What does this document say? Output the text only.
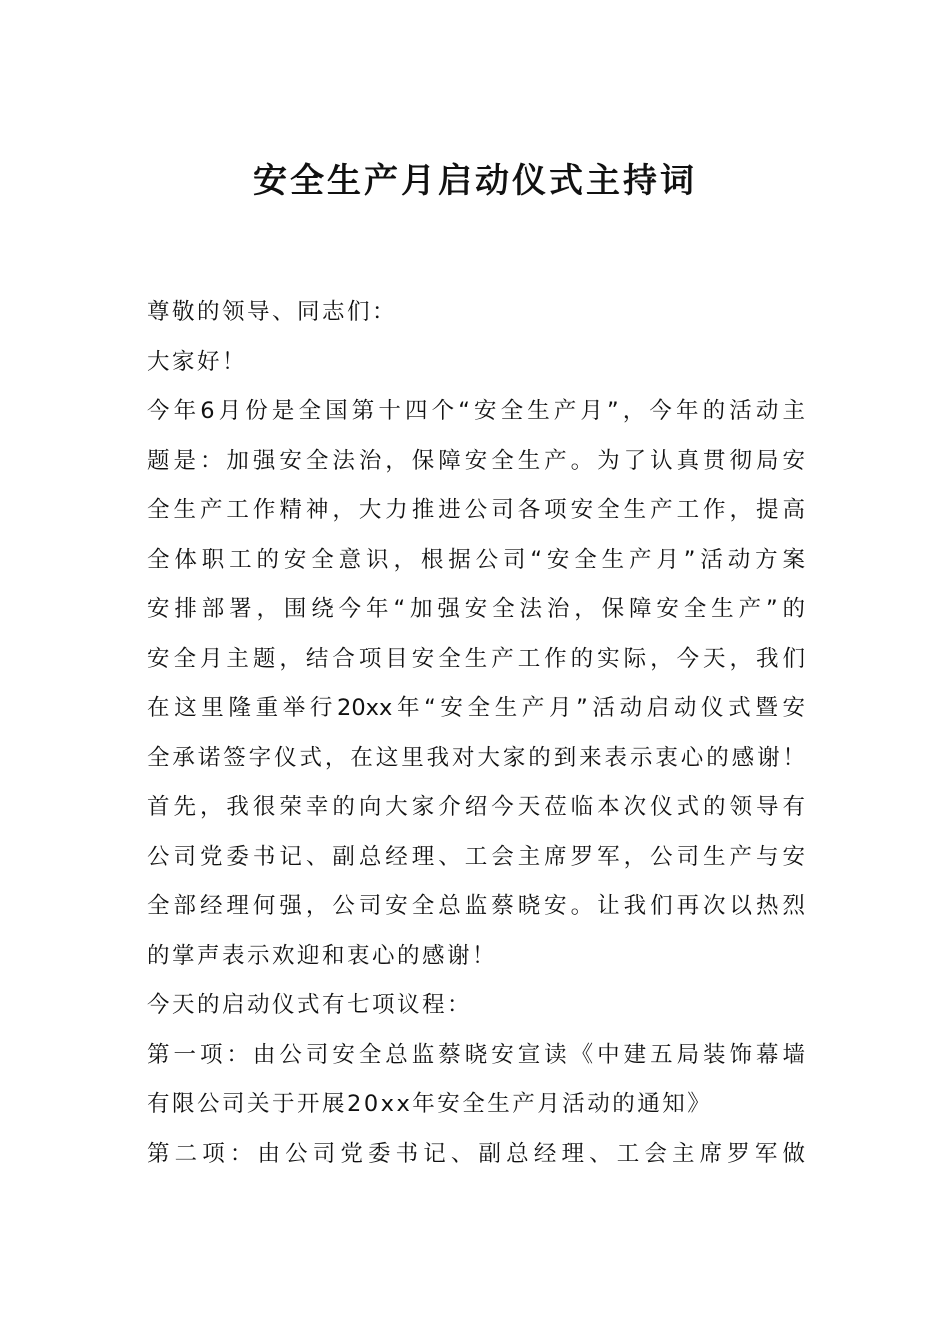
安全生产月启动仪式主持词
尊敬的领导、同志们：
大家好！
今年6月份是全国第十四个“安全生产月”，今年的活动主
题是：加强安全法治，保障安全生产。为了认真贯彻局安
全生产工作精神，大力推进公司各项安全生产工作，提高
全体职工的安全意识，根据公司“安全生产月”活动方案
安排部署，围绕今年“加强安全法治，保障安全生产”的
安全月主题，结合项目安全生产工作的实际，今天，我们
在这里隆重举行20xx年“安全生产月”活动启动仪式暨安
全承诺签字仪式，在这里我对大家的到来表示衷心的感谢！
首先，我很荣幸的向大家介绍今天莅临本次仪式的领导有
公司党委书记、副总经理、工会主席罗军，公司生产与安
全部经理何强，公司安全总监蔡晓安。让我们再次以热烈
的掌声表示欢迎和衷心的感谢！
今天的启动仪式有七项议程：
第一项：由公司安全总监蔡晓安宣读《中建五局装饰幕墙
有限公司关于开展20xx年安全生产月活动的通知》
第二项：由公司党委书记、副总经理、工会主席罗军做
